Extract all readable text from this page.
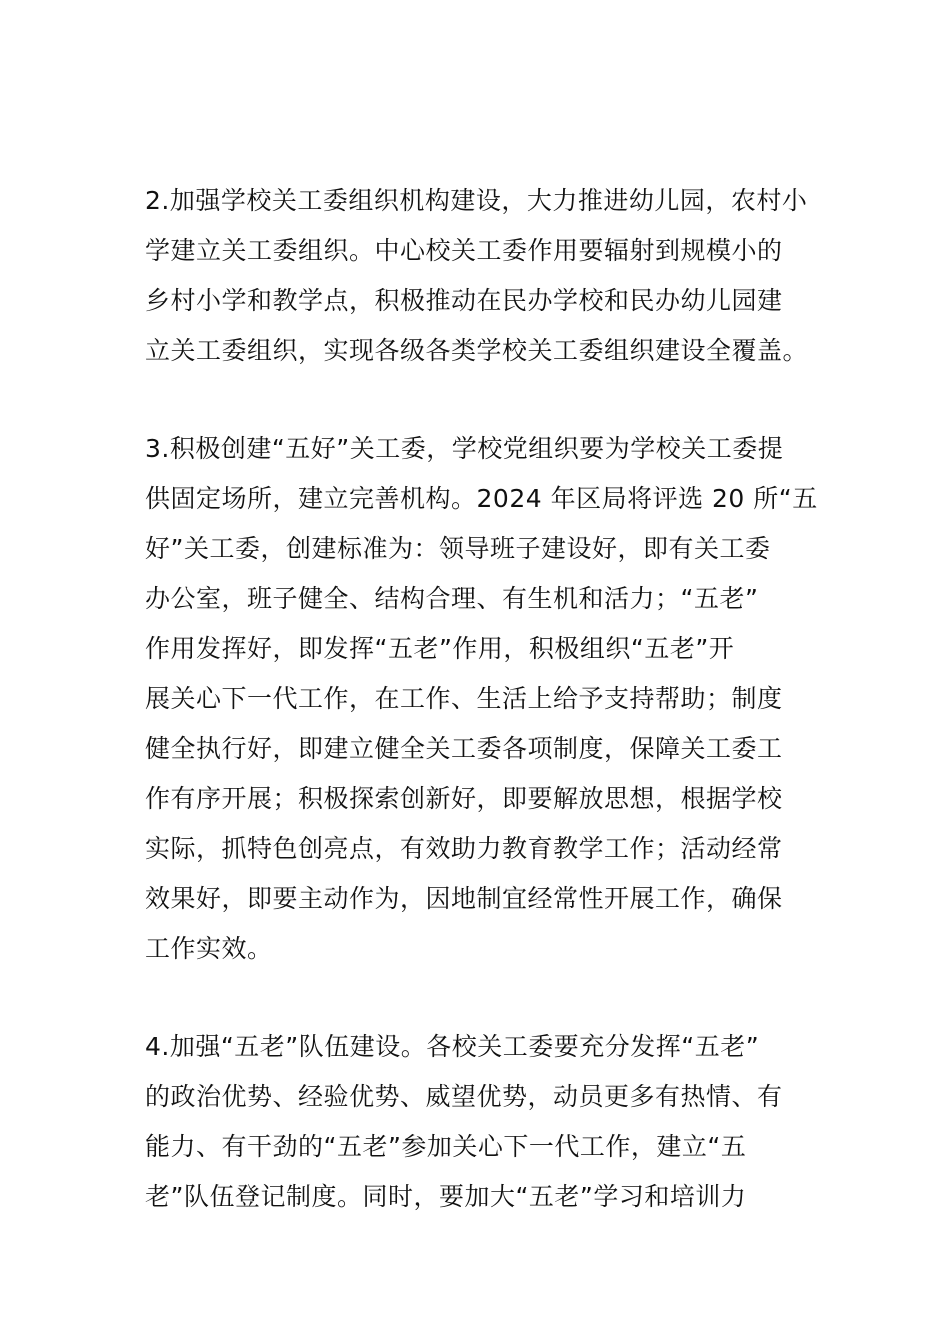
2.加强学校关工委组织机构建设，大力推进幼儿园，农村小
学建立关工委组织。中心校关工委作用要辐射到规模小的
乡村小学和教学点，积极推动在民办学校和民办幼儿园建
立关工委组织，实现各级各类学校关工委组织建设全覆盖。

3.积极创建“五好”关工委，学校党组织要为学校关工委提
供固定场所，建立完善机构。2024 年区局将评选 20 所“五
好”关工委，创建标准为：领导班子建设好，即有关工委
办公室，班子健全、结构合理、有生机和活力；“五老”
作用发挥好，即发挥“五老”作用，积极组织“五老”开
展关心下一代工作，在工作、生活上给予支持帮助；制度
健全执行好，即建立健全关工委各项制度，保障关工委工
作有序开展；积极探索创新好，即要解放思想，根据学校
实际，抓特色创亮点，有效助力教育教学工作；活动经常
效果好，即要主动作为，因地制宜经常性开展工作，确保
工作实效。

4.加强“五老”队伍建设。各校关工委要充分发挥“五老”
的政治优势、经验优势、威望优势，动员更多有热情、有
能力、有干劲的“五老”参加关心下一代工作，建立“五
老”队伍登记制度。同时，要加大“五老”学习和培训力
